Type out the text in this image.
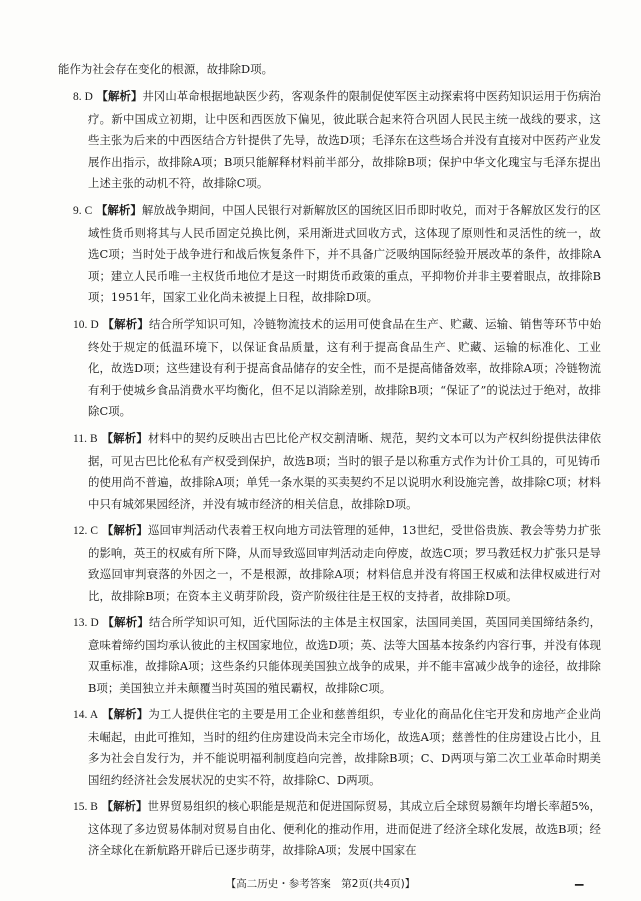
能作为社会存在变化的根源，故排除D项。

8. D 【解析】井冈山革命根据地缺医少药，客观条件的限制促使军医主动探索将中医药知识运用于伤病治疗。新中国成立初期，让中医和西医放下偏见，彼此联合起来符合巩固人民民主统一战线的要求，这些主张为后来的中西医结合方针提供了先导，故选D项；毛泽东在这些场合并没有直接对中医药产业发展作出指示，故排除A项；B项只能解释材料前半部分，故排除B项；保护中华文化瑰宝与毛泽东提出上述主张的动机不符，故排除C项。

9. C 【解析】解放战争期间，中国人民银行对新解放区的国统区旧币即时收兑，而对于各解放区发行的区域性货币则将其与人民币固定兑换比例，采用渐进式回收方式，这体现了原则性和灵活性的统一，故选C项；当时处于战争进行和战后恢复条件下，并不具备广泛吸纳国际经验开展改革的条件，故排除A项；建立人民币唯一主权货币地位才是这一时期货币政策的重点，平抑物价并非主要着眼点，故排除B项；1951年，国家工业化尚未被提上日程，故排除D项。

10. D 【解析】结合所学知识可知，冷链物流技术的运用可使食品在生产、贮藏、运输、销售等环节中始终处于规定的低温环境下，以保证食品质量，这有利于提高食品生产、贮藏、运输的标准化、工业化，故选D项；这些建设有利于提高食品储存的安全性，而不是提高储备效率，故排除A项；冷链物流有利于使城乡食品消费水平均衡化，但不足以消除差别，故排除B项；“保证了”的说法过于绝对，故排除C项。

11. B 【解析】材料中的契约反映出古巴比伦产权交割清晰、规范，契约文本可以为产权纠纷提供法律依据，可见古巴比伦私有产权受到保护，故选B项；当时的银子是以称重方式作为计价工具的，可见铸币的使用尚不普遍，故排除A项；单凭一条水渠的买卖契约不足以说明水利设施完善，故排除C项；材料中只有城郊果园经济，并没有城市经济的相关信息，故排除D项。

12. C 【解析】巡回审判活动代表着王权向地方司法管理的延伸，13世纪，受世俗贵族、教会等势力扩张的影响，英王的权威有所下降，从而导致巡回审判活动走向停废，故选C项；罗马教廷权力扩张只是导致巡回审判衰落的外因之一，不是根源，故排除A项；材料信息并没有将国王权威和法律权威进行对比，故排除B项；在资本主义萌芽阶段，资产阶级往往是王权的支持者，故排除D项。

13. D 【解析】结合所学知识可知，近代国际法的主体是主权国家，法国同美国，英国同美国缔结条约，意味着缔约国均承认彼此的主权国家地位，故选D项；英、法等大国基本按条约内容行事，并没有体现双重标准，故排除A项；这些条约只能体现美国独立战争的成果，并不能丰富减少战争的途径，故排除B项；美国独立并未颠覆当时英国的殖民霸权，故排除C项。

14. A 【解析】为工人提供住宅的主要是用工企业和慈善组织，专业化的商品化住宅开发和房地产企业尚未崛起，由此可推知，当时的纽约住房建设尚未完全市场化，故选A项；慈善性的住房建设占比小，且多为社会自发行为，并不能说明福利制度趋向完善，故排除B项；C、D两项与第二次工业革命时期美国纽约经济社会发展状况的史实不符，故排除C、D两项。

15. B 【解析】世界贸易组织的核心职能是规范和促进国际贸易，其成立后全球贸易额年均增长率超5%，这体现了多边贸易体制对贸易自由化、便利化的推动作用，进而促进了经济全球化发展，故选B项；经济全球化在新航路开辟后已逐步萌芽，故排除A项；发展中国家在

【高二历史・参考答案　第2页(共4页)】	▁
